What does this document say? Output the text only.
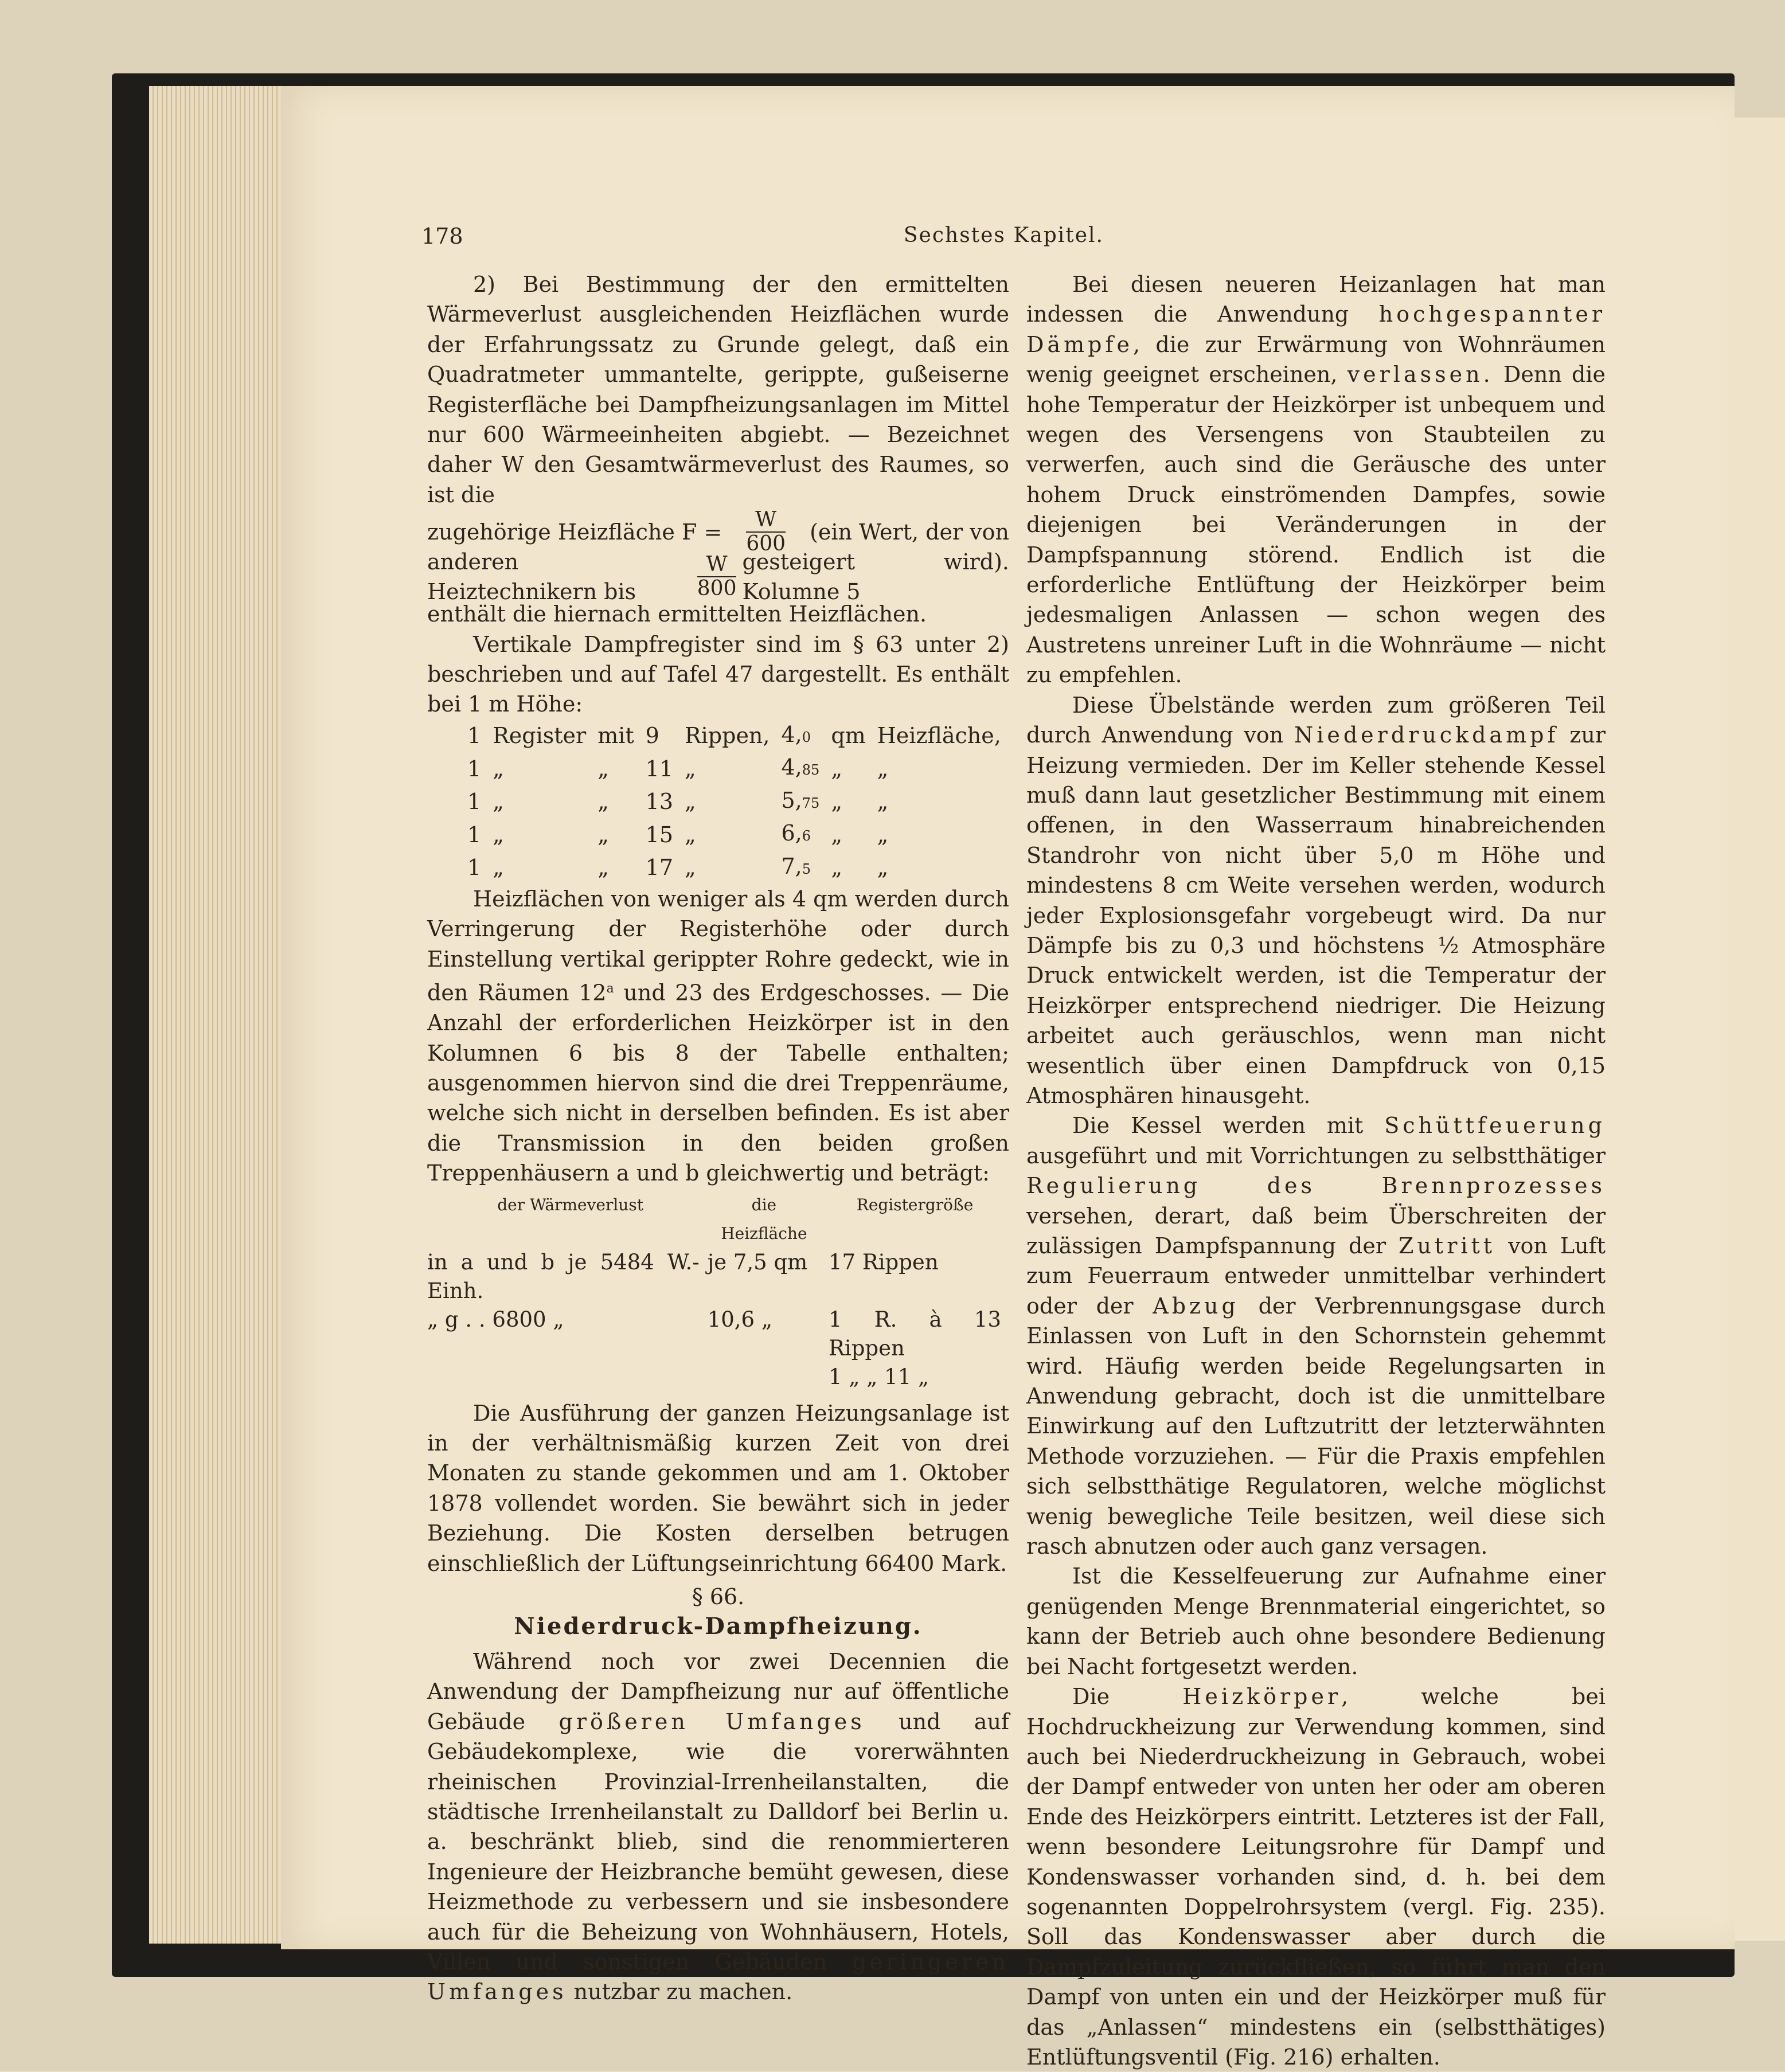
178	Sechstes Kapitel.

2) Bei Bestimmung der den ermittelten Wärmeverlust ausgleichenden Heizflächen wurde der Erfahrungssatz zu Grunde gelegt, daß ein Quadratmeter ummantelte, gerippte, gußeiserne Registerfläche bei Dampfheizungsanlagen im Mittel nur 600 Wärmeeinheiten abgiebt. — Bezeichnet daher W den Gesamtwärmeverlust des Raumes, so ist die

zugehörige Heizfläche $F = \frac{W}{600} (ein$ Wert, der von
anderen Heiztechnikern bis	$\frac{W}{800}$ gesteigert wird). Kolumne 5
enthält die hiernach ermittelten Heizflächen.

Vertikale Dampfregister sind im § 63 unter 2) beschrieben und auf Tafel 47 dargestellt. Es enthält bei 1 m Höhe:

1	Register	mit	9	Rippen,	4,0	qm	Heizfläche,
1	„	„	11	„	4,85	„	„
1	„	„	13	„	5,75	„	„
1	„	„	15	„	6,6	„	„
1	„	„	17	„	7,5	„	„

Heizflächen von weniger als 4 qm werden durch Verringerung der Registerhöhe oder durch Einstellung vertikal gerippter Rohre gedeckt, wie in den Räumen 12$^a$ und 23 des Erdgeschosses. — Die Anzahl der erforderlichen Heizkörper ist in den Kolumnen 6 bis 8 der Tabelle enthalten; ausgenommen hiervon sind die drei Treppenräume, welche sich nicht in derselben befinden. Es ist aber die Transmission in den beiden großen Treppenhäusern a und b gleichwertig und beträgt:

	der Wärmeverlust	die Heizfläche	Registergröße
in a und b je 5484 W.-Einh.		je 7,5 qm	17 Rippen
„ g . . 6800 „		10,6 „	1 R. à 13 Rippen
1 „ „ 11 „

Die Ausführung der ganzen Heizungsanlage ist in der verhältnismäßig kurzen Zeit von drei Monaten zu stande gekommen und am 1. Oktober 1878 vollendet worden. Sie bewährt sich in jeder Beziehung. Die Kosten derselben betrugen einschließlich der Lüftungseinrichtung 66400 Mark.

§ 66.
Niederdruck-Dampfheizung.

Während noch vor zwei Decennien die Anwendung der Dampfheizung nur auf öffentliche Gebäude größeren Umfanges und auf Gebäudekomplexe, wie die vorerwähnten rheinischen Provinzial-Irrenheilanstalten, die städtische Irrenheilanstalt zu Dalldorf bei Berlin u. a. beschränkt blieb, sind die renommierteren Ingenieure der Heizbranche bemüht gewesen, diese Heizmethode zu verbessern und sie insbesondere auch für die Beheizung von Wohnhäusern, Hotels, Villen und sonstigen Gebäuden geringeren Umfanges nutzbar zu machen.

Bei diesen neueren Heizanlagen hat man indessen die Anwendung hochgespannter Dämpfe, die zur Erwärmung von Wohnräumen wenig geeignet erscheinen, verlassen. Denn die hohe Temperatur der Heizkörper ist unbequem und wegen des Versengens von Staubteilen zu verwerfen, auch sind die Geräusche des unter hohem Druck einströmenden Dampfes, sowie diejenigen bei Veränderungen in der Dampfspannung störend. Endlich ist die erforderliche Entlüftung der Heizkörper beim jedesmaligen Anlassen — schon wegen des Austretens unreiner Luft in die Wohnräume — nicht zu empfehlen.

Diese Übelstände werden zum größeren Teil durch Anwendung von Niederdruckdampf zur Heizung vermieden. Der im Keller stehende Kessel muß dann laut gesetzlicher Bestimmung mit einem offenen, in den Wasserraum hinabreichenden Standrohr von nicht über 5,0 m Höhe und mindestens 8 cm Weite versehen werden, wodurch jeder Explosionsgefahr vorgebeugt wird. Da nur Dämpfe bis zu 0,3 und höchstens ½ Atmosphäre Druck entwickelt werden, ist die Temperatur der Heizkörper entsprechend niedriger. Die Heizung arbeitet auch geräuschlos, wenn man nicht wesentlich über einen Dampfdruck von 0,15 Atmosphären hinausgeht.

Die Kessel werden mit Schüttfeuerung ausgeführt und mit Vorrichtungen zu selbstthätiger Regulierung des Brennprozesses versehen, derart, daß beim Überschreiten der zulässigen Dampfspannung der Zutritt von Luft zum Feuerraum entweder unmittelbar verhindert oder der Abzug der Verbrennungsgase durch Einlassen von Luft in den Schornstein gehemmt wird. Häufig werden beide Regelungsarten in Anwendung gebracht, doch ist die unmittelbare Einwirkung auf den Luftzutritt der letzterwähnten Methode vorzuziehen. — Für die Praxis empfehlen sich selbstthätige Regulatoren, welche möglichst wenig bewegliche Teile besitzen, weil diese sich rasch abnutzen oder auch ganz versagen.

Ist die Kesselfeuerung zur Aufnahme einer genügenden Menge Brennmaterial eingerichtet, so kann der Betrieb auch ohne besondere Bedienung bei Nacht fortgesetzt werden.

Die	Heizkörper, welche bei Hochdruckheizung zur Verwendung kommen, sind auch bei Niederdruckheizung in Gebrauch, wobei der Dampf entweder von unten her oder am oberen Ende des Heizkörpers eintritt. Letzteres ist der Fall, wenn besondere Leitungsrohre für Dampf und Kondenswasser vorhanden sind, d. h. bei dem sogenannten Doppelrohrsystem (vergl. Fig. 235). Soll das Kondenswasser aber durch die Dampfzuleitung zurückfließen, so führt man den Dampf von unten ein und der Heizkörper muß für das „Anlassen“ mindestens ein (selbstthätiges) Entlüftungsventil (Fig. 216) erhalten.
